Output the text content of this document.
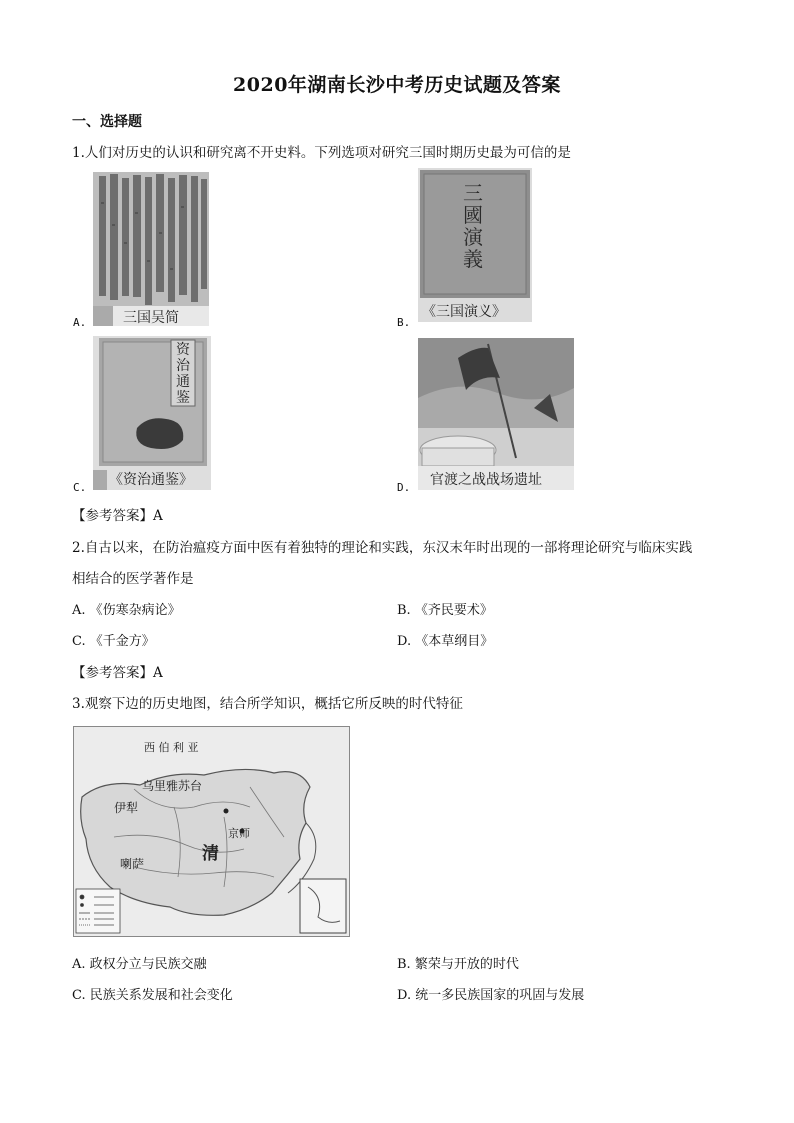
2020年湖南长沙中考历史试题及答案
一、选择题
1.人们对历史的认识和研究离不开史料。下列选项对研究三国时期历史最为可信的是
三国吴简
A.
三國演義
《三国演义》
B.
资治通鉴
《资治通鉴》
C.	官渡之战战场遗址
D.
【参考答案】A
2.自古以来，在防治瘟疫方面中医有着独特的理论和实践，东汉末年时出现的一部将理论研究与临床实践
相结合的医学著作是
A. 《伤寒杂病论》	B. 《齐民要术》
C. 《千金方》	D. 《本草纲目》
【参考答案】A
3.观察下边的历史地图，结合所学知识，概括它所反映的时代特征
西 伯 利 亚
乌里雅苏台
伊犁
京师
清
喇萨
A. 政权分立与民族交融	B. 繁荣与开放的时代
C. 民族关系发展和社会变化	D. 统一多民族国家的巩固与发展
